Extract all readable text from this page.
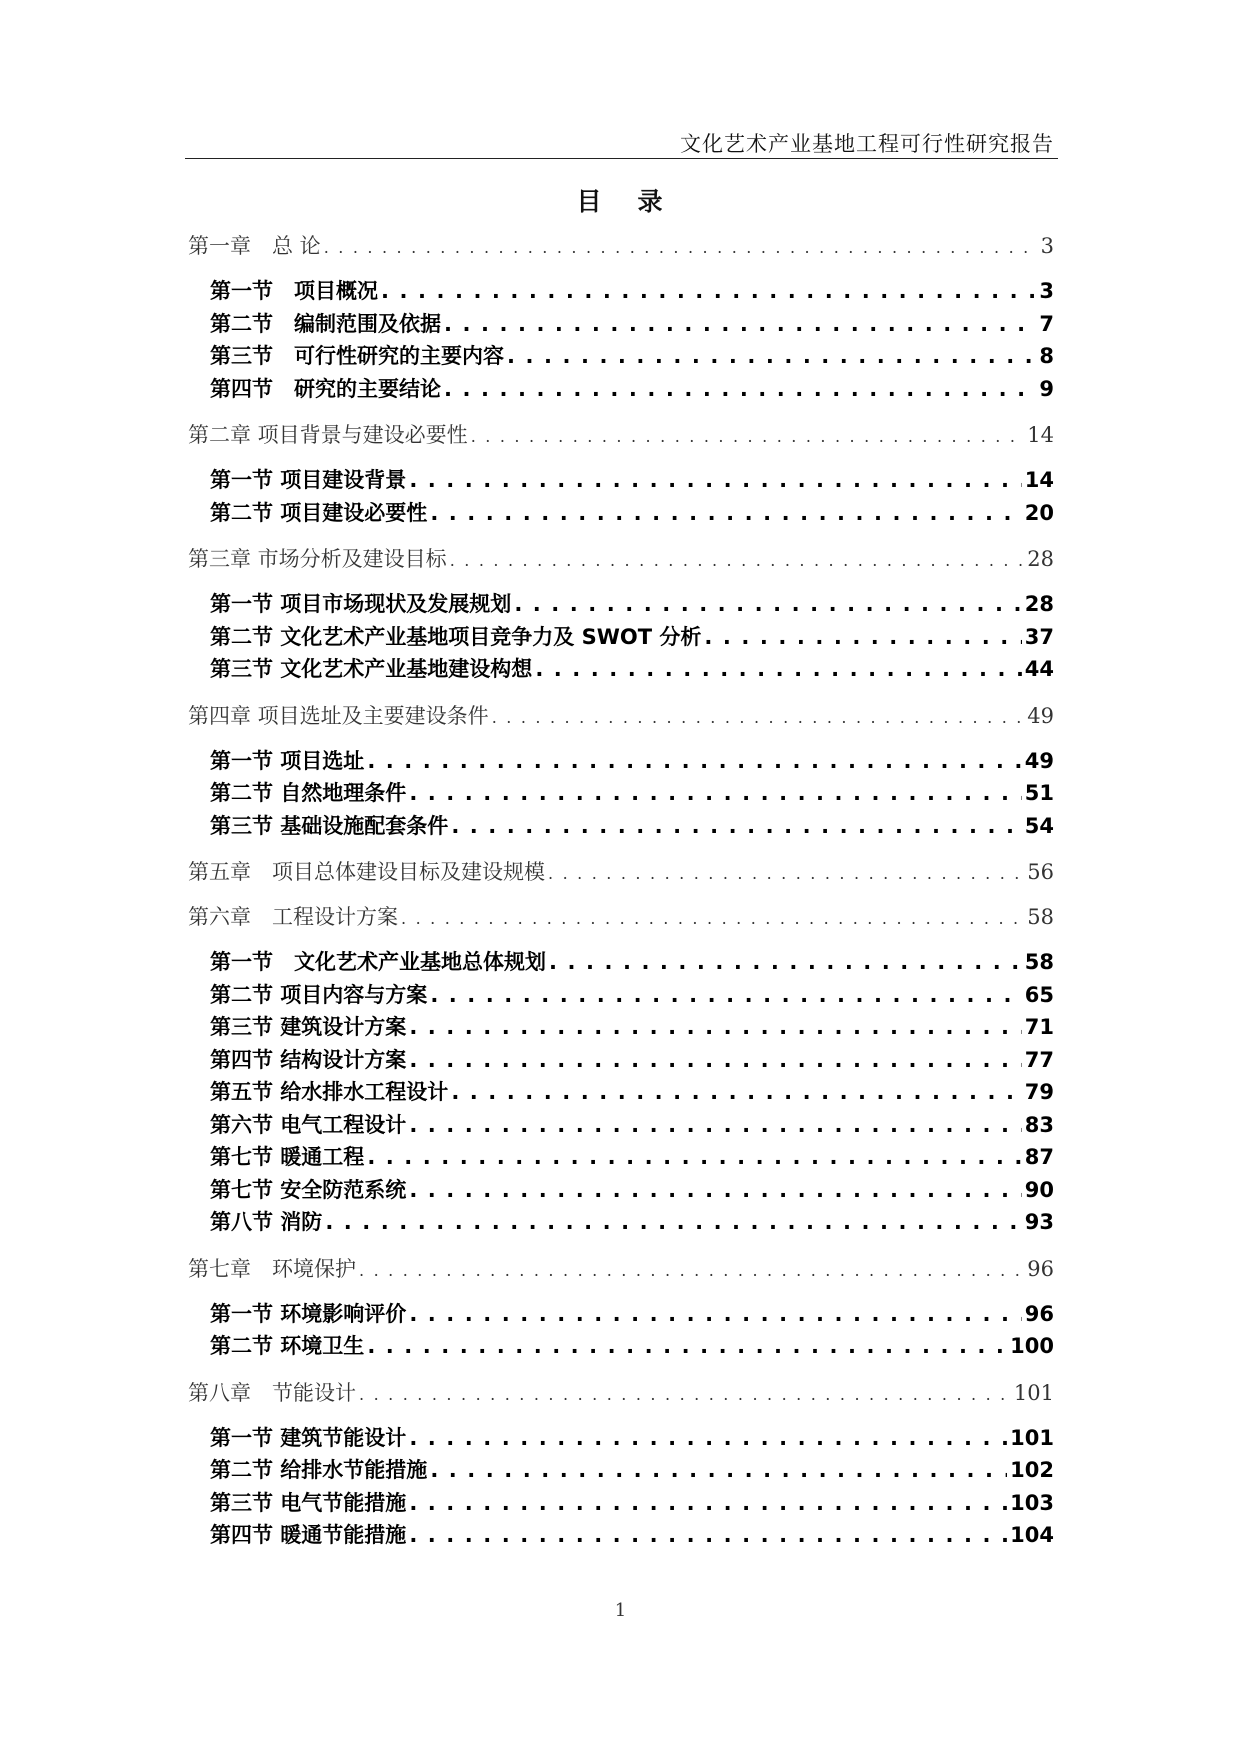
文化艺术产业基地工程可行性研究报告
目 录
第一章　总 论 . . .	3
第一节　项目概况 . . .	3
第二节　编制范围及依据 . . .	7
第三节　可行性研究的主要内容 . . .	8
第四节　研究的主要结论 . . .	9
第二章 项目背景与建设必要性 . . .	14
第一节 项目建设背景 . . .	14
第二节 项目建设必要性 . . .	20
第三章 市场分析及建设目标 . . .	28
第一节 项目市场现状及发展规划 . . .	28
第二节 文化艺术产业基地项目竞争力及 SWOT 分析 . . .	37
第三节 文化艺术产业基地建设构想 . . .	44
第四章 项目选址及主要建设条件 . . .	49
第一节 项目选址 . . .	49
第二节 自然地理条件 . . .	51
第三节 基础设施配套条件 . . .	54
第五章　项目总体建设目标及建设规模 . . .	56
第六章　工程设计方案 . . .	58
第一节　文化艺术产业基地总体规划 . . .	58
第二节 项目内容与方案 . . .	65
第三节 建筑设计方案 . . .	71
第四节 结构设计方案 . . .	77
第五节 给水排水工程设计 . . .	79
第六节 电气工程设计 . . .	83
第七节 暖通工程 . . .	87
第七节 安全防范系统 . . .	90
第八节 消防 . . .	93
第七章　环境保护 . . .	96
第一节 环境影响评价 . . .	96
第二节 环境卫生 . . .	100
第八章　节能设计 . . .	101
第一节 建筑节能设计 . . .	101
第二节 给排水节能措施 . . .	102
第三节 电气节能措施 . . .	103
第四节 暖通节能措施 . . .	104
1
